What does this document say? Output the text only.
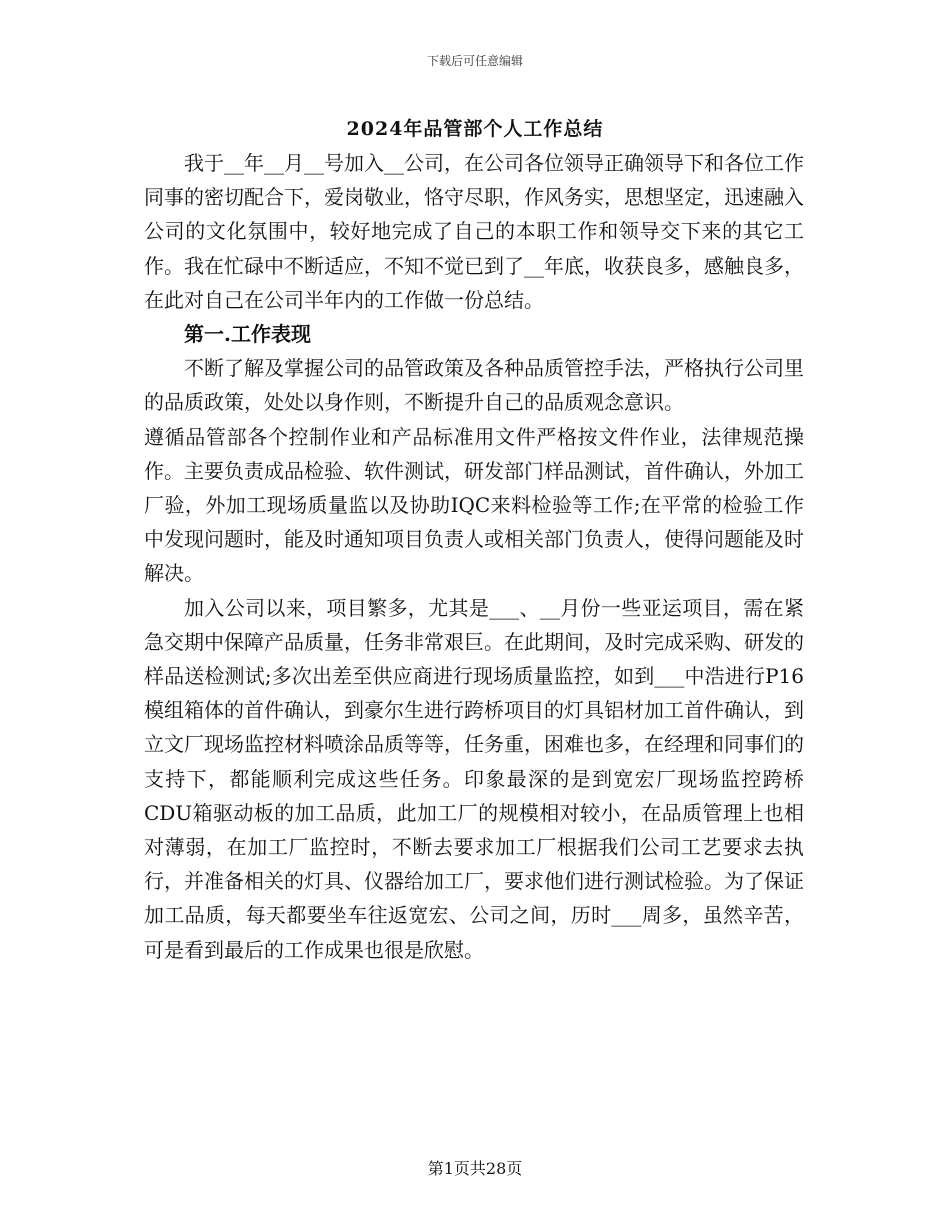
下载后可任意编辑
2024年品管部个人工作总结

我于__年__月__号加入__公司，在公司各位领导正确领导下和各位工作同事的密切配合下，爱岗敬业，恪守尽职，作风务实，思想坚定，迅速融入公司的文化氛围中，较好地完成了自己的本职工作和领导交下来的其它工作。我在忙碌中不断适应，不知不觉已到了__年底，收获良多，感触良多，在此对自己在公司半年内的工作做一份总结。

第一.工作表现

不断了解及掌握公司的品管政策及各种品质管控手法，严格执行公司里的品质政策，处处以身作则，不断提升自己的品质观念意识。

遵循品管部各个控制作业和产品标准用文件严格按文件作业，法律规范操作。主要负责成品检验、软件测试，研发部门样品测试，首件确认，外加工厂验，外加工现场质量监以及协助IQC来料检验等工作;在平常的检验工作中发现问题时，能及时通知项目负责人或相关部门负责人，使得问题能及时解决。

加入公司以来，项目繁多，尤其是___、__月份一些亚运项目，需在紧急交期中保障产品质量，任务非常艰巨。在此期间，及时完成采购、研发的样品送检测试;多次出差至供应商进行现场质量监控，如到___中浩进行P16模组箱体的首件确认，到豪尔生进行跨桥项目的灯具铝材加工首件确认，到立文厂现场监控材料喷涂品质等等，任务重，困难也多，在经理和同事们的支持下，都能顺利完成这些任务。印象最深的是到宽宏厂现场监控跨桥CDU箱驱动板的加工品质，此加工厂的规模相对较小，在品质管理上也相对薄弱，在加工厂监控时，不断去要求加工厂根据我们公司工艺要求去执行，并准备相关的灯具、仪器给加工厂，要求他们进行测试检验。为了保证加工品质，每天都要坐车往返宽宏、公司之间，历时___周多，虽然辛苦，可是看到最后的工作成果也很是欣慰。

第1页共28页
